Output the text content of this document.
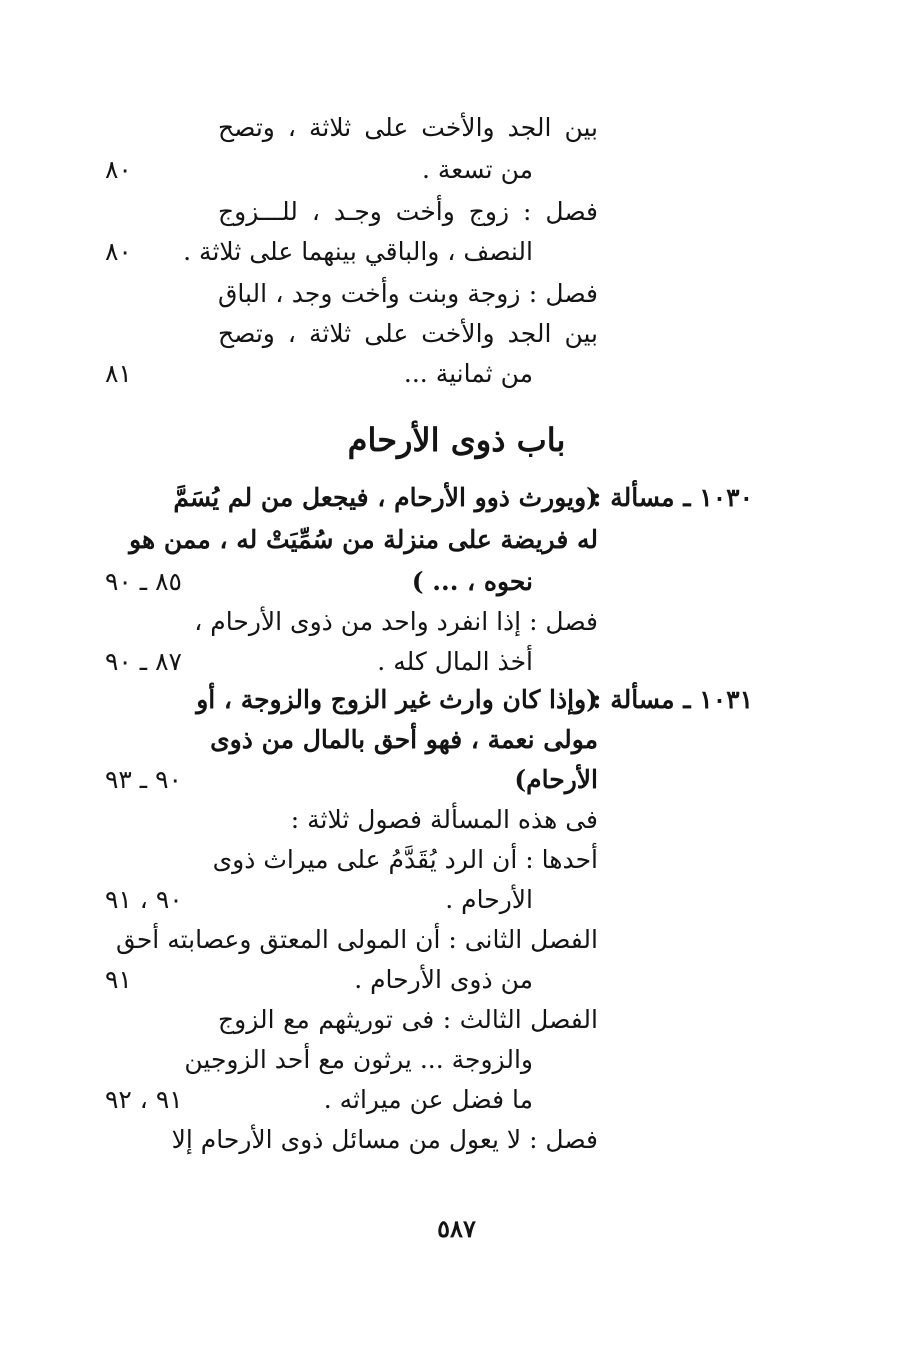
بين الجد والأخت على ثلاثة ، وتصح
من تسعة .
٨٠
فصل : زوج وأخت وجـد ، للـــزوج
النصف ، والباقي بينهما على ثلاثة .
٨٠
فصل : زوجة وبنت وأخت وجد ، الباق
بين الجد والأخت على ثلاثة ، وتصح
من ثمانية ...
٨١
باب ذوى الأرحام
١٠٣٠ ـ مسألة :
(ويورث ذوو الأرحام ، فيجعل من لم يُسَمَّ
له فريضة على منزلة من سُمِّيَتْ له ، ممن هو
نحوه ، ... )
٨٥ ـ ٩٠
فصل : إذا انفرد واحد من ذوى الأرحام ،
أخذ المال كله .
٨٧ ـ ٩٠
١٠٣١ ـ مسألة :
(وإذا كان وارث غير الزوج والزوجة ، أو
مولى نعمة ، فهو أحق بالمال من ذوى
الأرحام)
٩٠ ـ ٩٣
فى هذه المسألة فصول ثلاثة :
أحدها : أن الرد يُقَدَّمُ على ميراث ذوى
الأرحام .
٩٠ ، ٩١
الفصل الثانى : أن المولى المعتق وعصابته أحق
من ذوى الأرحام .
٩١
الفصل الثالث : فى توريثهم مع الزوج
والزوجة ... يرثون مع أحد الزوجين
ما فضل عن ميراثه .
٩١ ، ٩٢
فصل : لا يعول من مسائل ذوى الأرحام إلا
٥٨٧
